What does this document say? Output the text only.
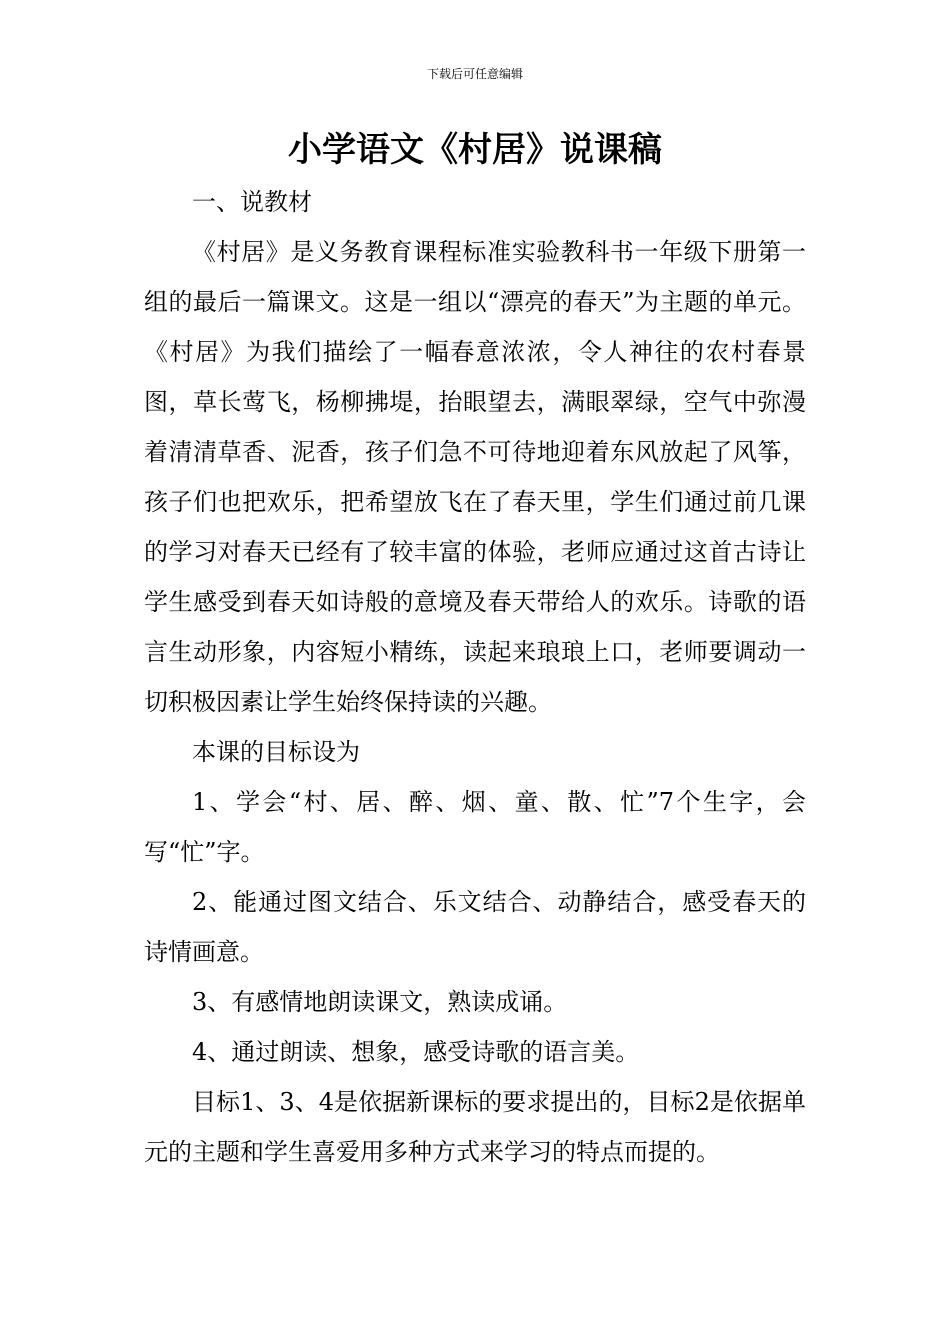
下载后可任意编辑
小学语文《村居》说课稿

一、说教材

《村居》是义务教育课程标准实验教科书一年级下册第一组的最后一篇课文。这是一组以“漂亮的春天”为主题的单元。《村居》为我们描绘了一幅春意浓浓，令人神往的农村春景图，草长莺飞，杨柳拂堤，抬眼望去，满眼翠绿，空气中弥漫着清清草香、泥香，孩子们急不可待地迎着东风放起了风筝，孩子们也把欢乐，把希望放飞在了春天里，学生们通过前几课的学习对春天已经有了较丰富的体验，老师应通过这首古诗让学生感受到春天如诗般的意境及春天带给人的欢乐。诗歌的语言生动形象，内容短小精练，读起来琅琅上口，老师要调动一切积极因素让学生始终保持读的兴趣。

本课的目标设为

1、学会“村、居、醉、烟、童、散、忙”7个生字，会写“忙”字。

2、能通过图文结合、乐文结合、动静结合，感受春天的诗情画意。

3、有感情地朗读课文，熟读成诵。

4、通过朗读、想象，感受诗歌的语言美。

目标1、3、4是依据新课标的要求提出的，目标2是依据单元的主题和学生喜爱用多种方式来学习的特点而提的。
